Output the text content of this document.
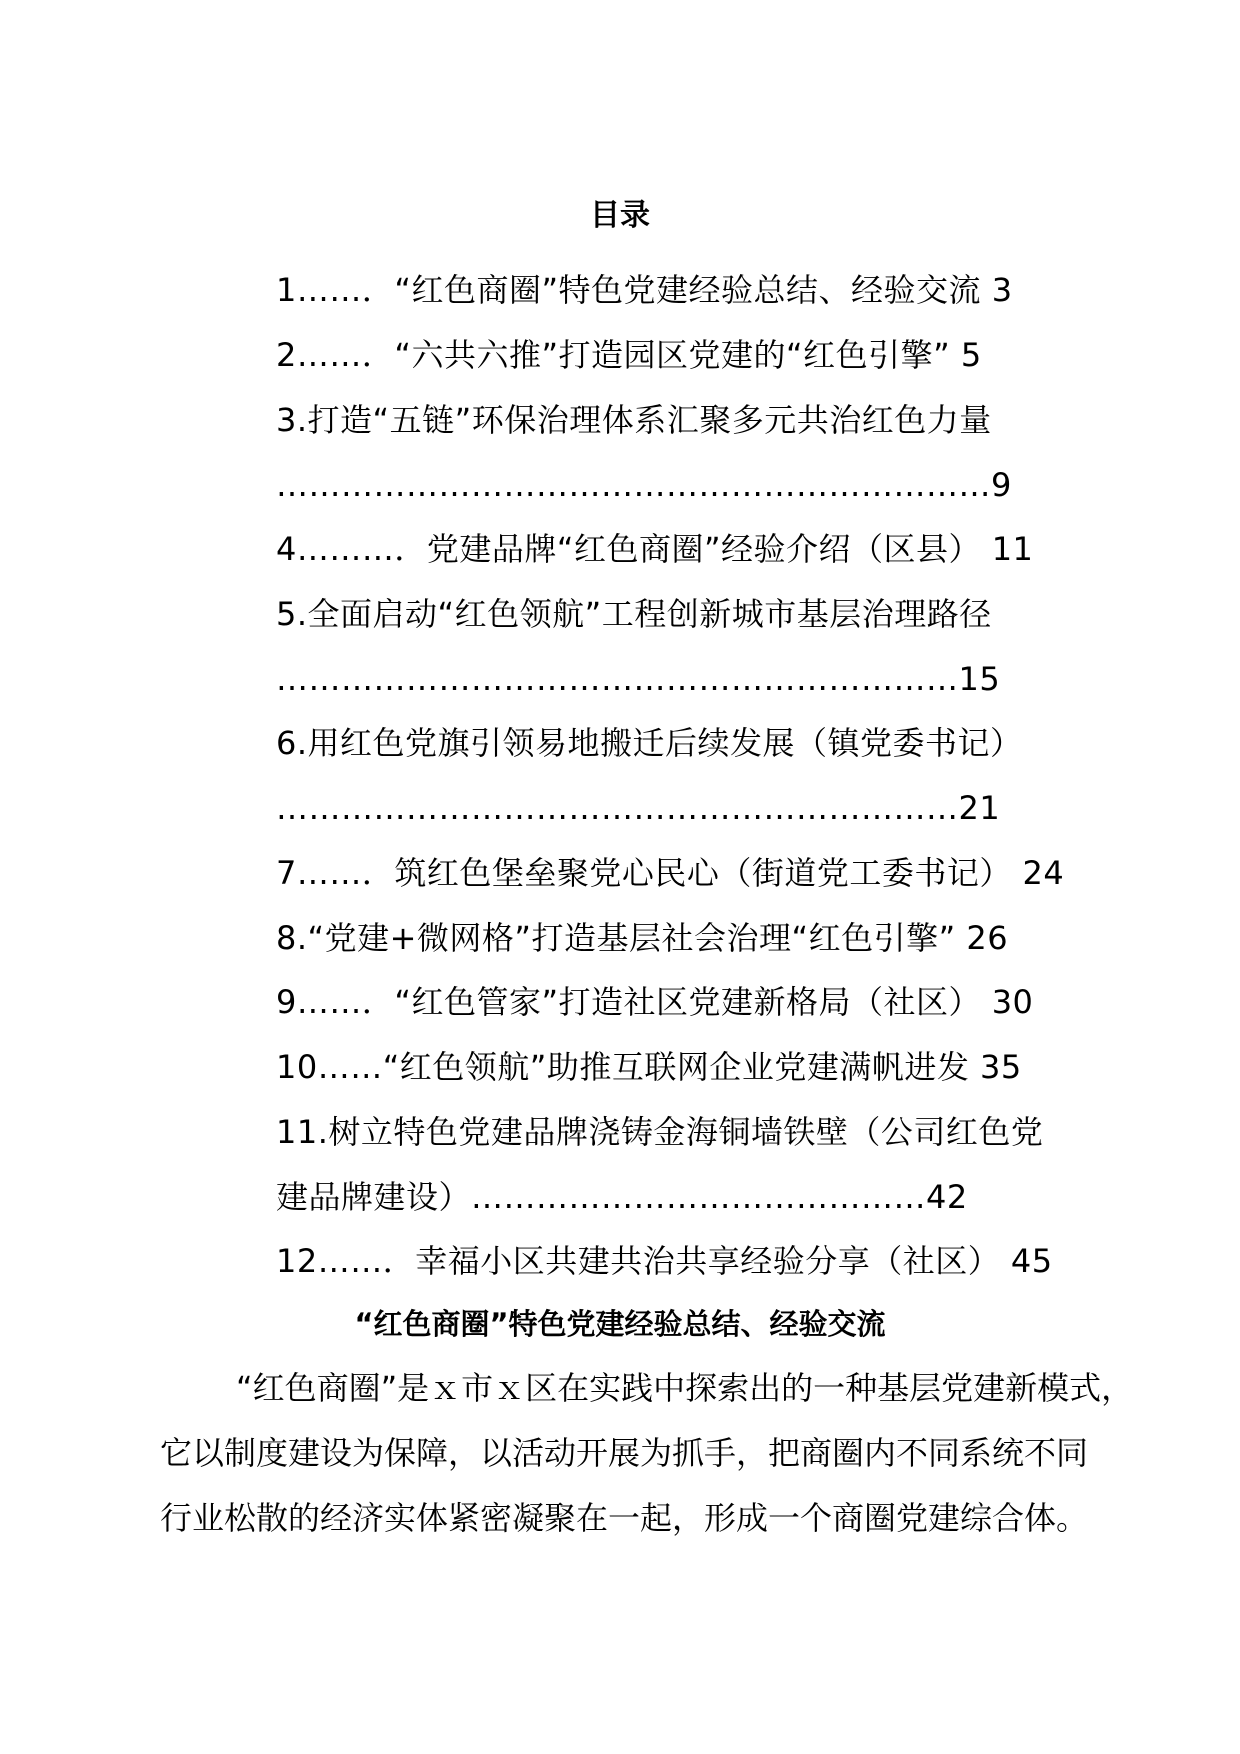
目录
1……．“红色商圈”特色党建经验总结、经验交流 3
2……．“六共六推”打造园区党建的“红色引擎” 5
3.打造“五链”环保治理体系汇聚多元共治红色力量
…………………………………………………………9
4………．党建品牌“红色商圈”经验介绍（区县） 11
5.全面启动“红色领航”工程创新城市基层治理路径
………………………………………………………15
6.用红色党旗引领易地搬迁后续发展（镇党委书记）
………………………………………………………21
7……．筑红色堡垒聚党心民心（街道党工委书记） 24
8.“党建+微网格”打造基层社会治理“红色引擎” 26
9……．“红色管家”打造社区党建新格局（社区） 30
10……“红色领航”助推互联网企业党建满帆进发 35
11.树立特色党建品牌浇铸金海铜墙铁壁（公司红色党
建品牌建设）……………………………………42
12……．幸福小区共建共治共享经验分享（社区） 45
“红色商圈”特色党建经验总结、经验交流
“红色商圈”是ｘ市ｘ区在实践中探索出的一种基层党建新模式，
它以制度建设为保障，以活动开展为抓手，把商圈内不同系统不同
行业松散的经济实体紧密凝聚在一起，形成一个商圈党建综合体。
